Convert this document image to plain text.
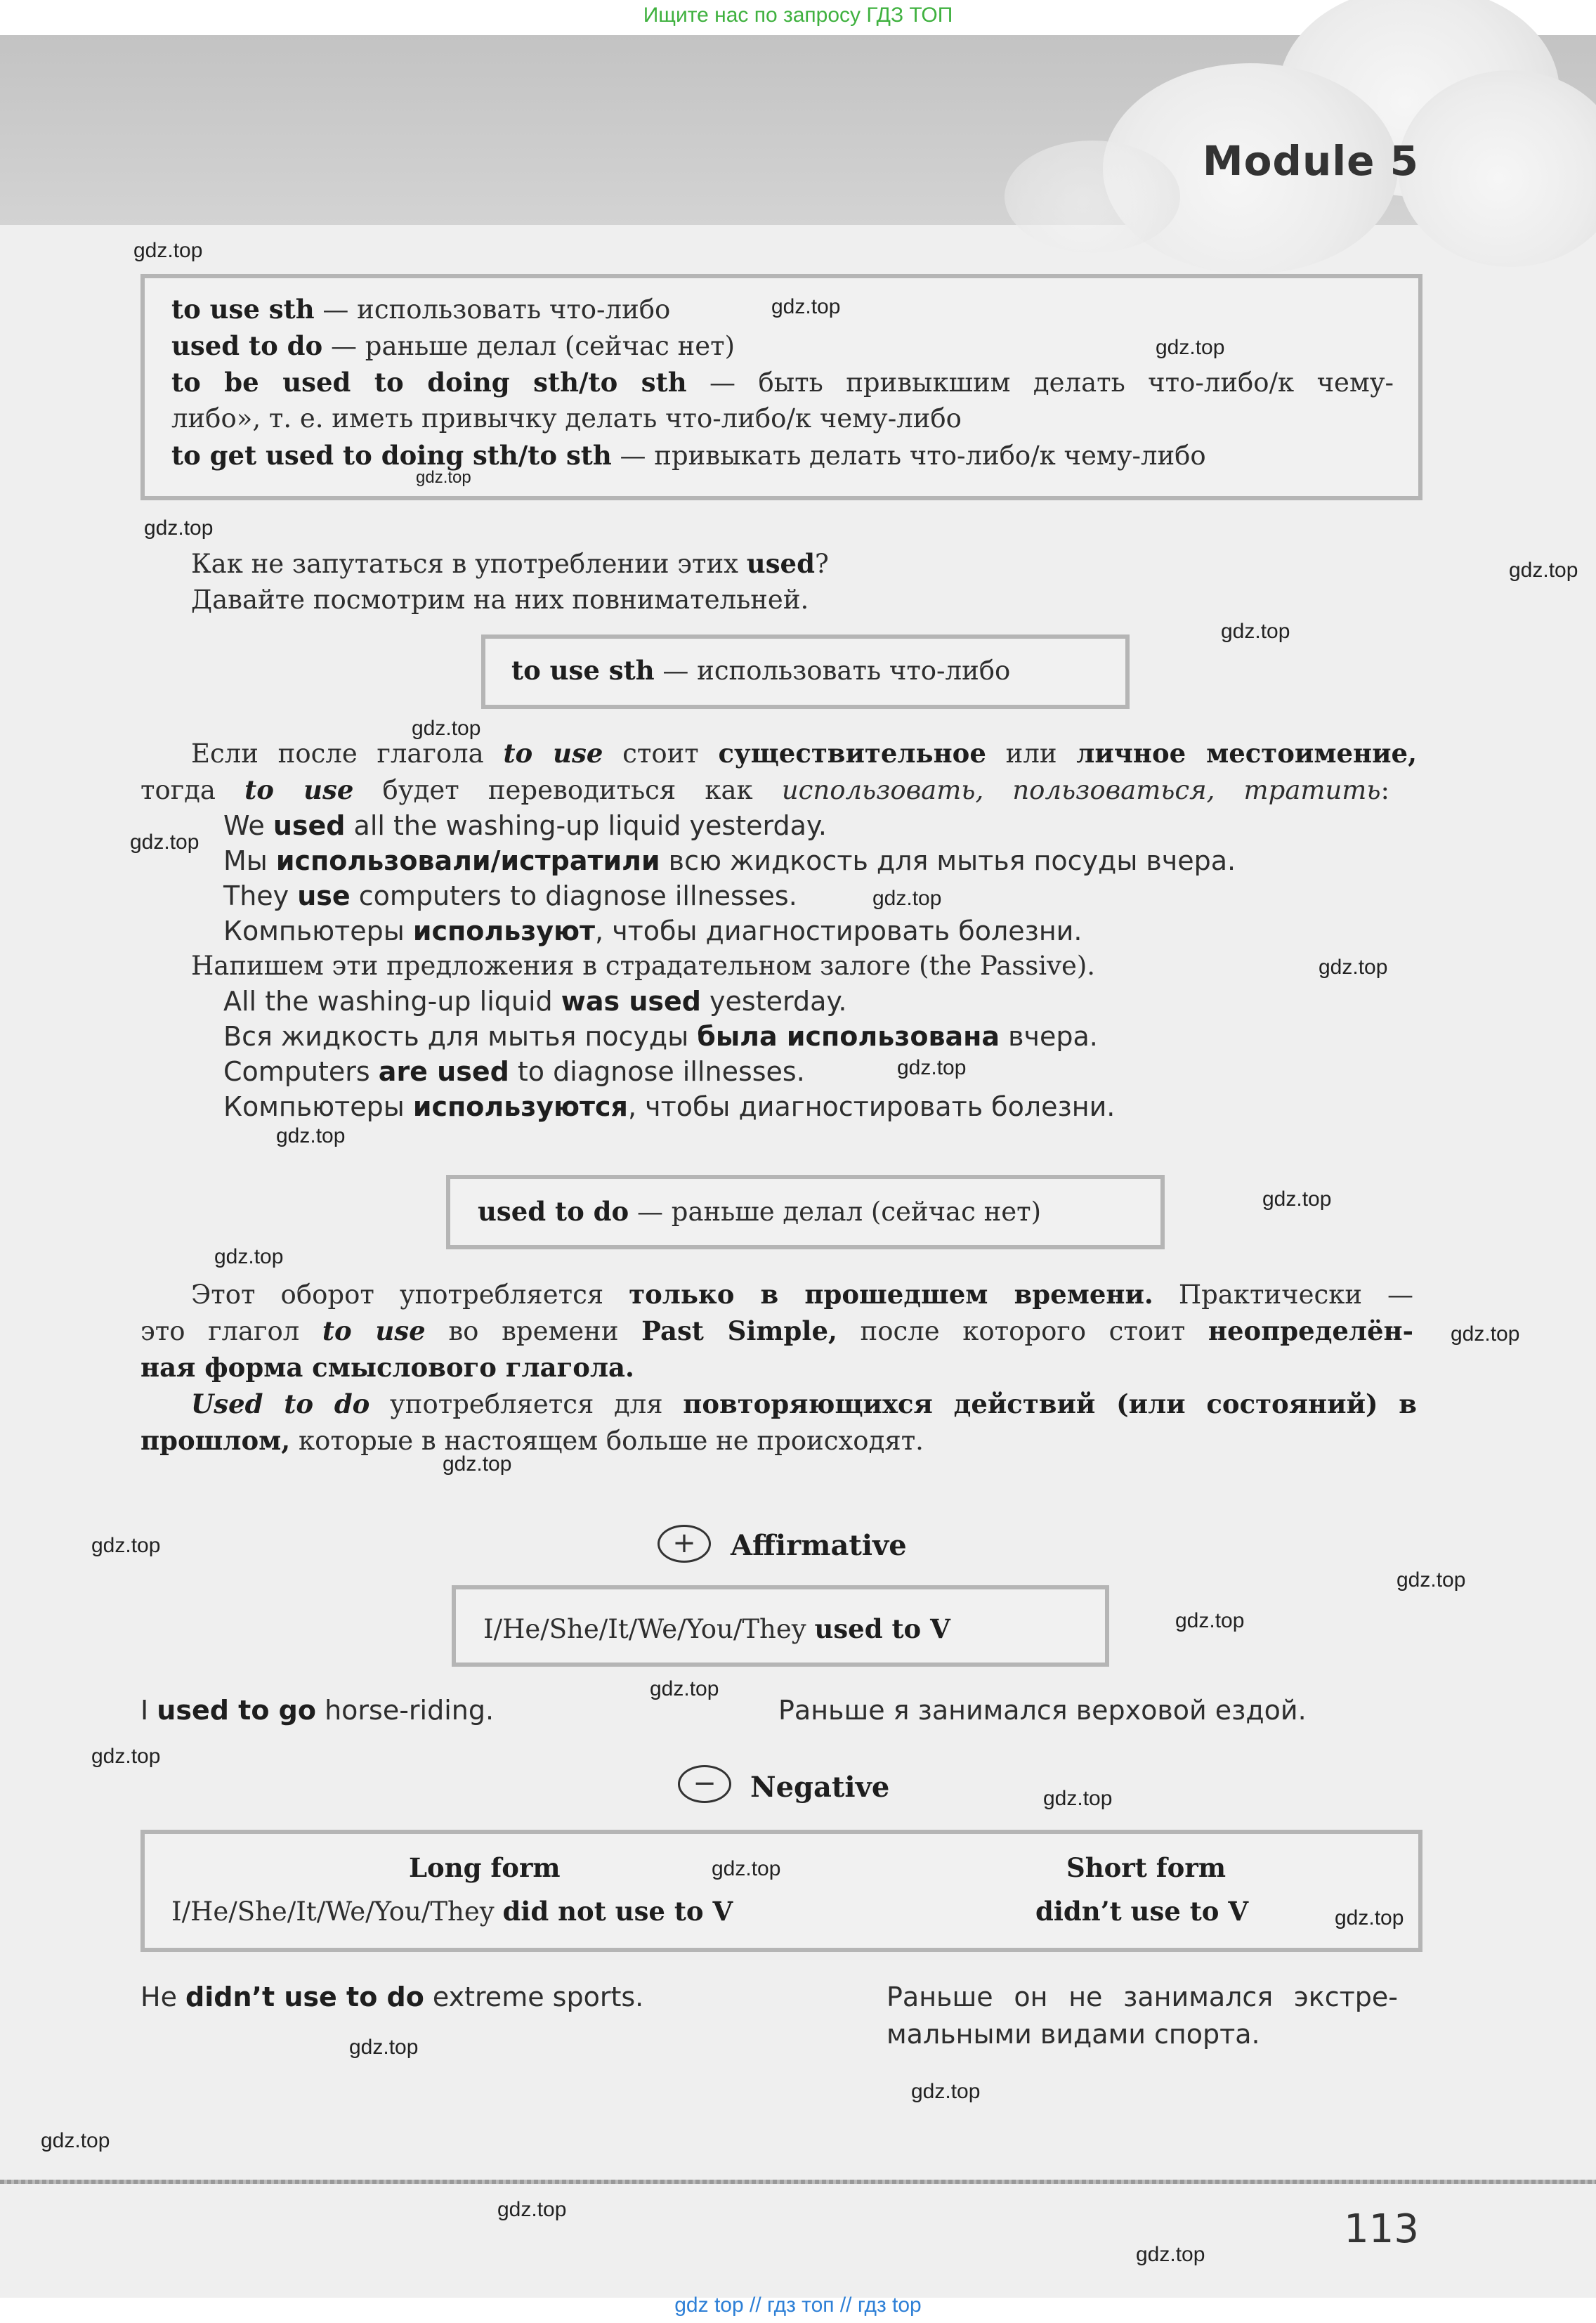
Ищите нас по запросу ГДЗ ТОП
Module 5
to use sth — использовать что-либо
used to do — раньше делал (сейчас нет)
to be used to doing sth/to sth — быть привыкшим делать что-либо/к чему-
либо», т. е. иметь привычку делать что-либо/к чему-либо
to get used to doing sth/to sth — привыкать делать что-либо/к чему-либо
Как не запутаться в употреблении этих used?
Давайте посмотрим на них повнимательней.
to use sth — использовать что-либо
Если после глагола to use стоит существительное или личное местоимение,
тогда to use будет переводиться как использовать, пользоваться, тратить:
We used all the washing-up liquid yesterday.
Мы использовали/истратили всю жидкость для мытья посуды вчера.
They use computers to diagnose illnesses.
Компьютеры используют, чтобы диагностировать болезни.
Напишем эти предложения в страдательном залоге (the Passive).
All the washing-up liquid was used yesterday.
Вся жидкость для мытья посуды была использована вчера.
Computers are used to diagnose illnesses.
Компьютеры используются, чтобы диагностировать болезни.
used to do — раньше делал (сейчас нет)
Этот оборот употребляется только в прошедшем времени. Практически —
это глагол to use во времени Past Simple, после которого стоит неопределён-
ная форма смыслового глагола.
Used to do употребляется для повторяющихся действий (или состояний) в
прошлом, которые в настоящем больше не происходят.
+	Affirmative
I/He/She/It/We/You/They used to V
I used to go horse-riding.	Раньше я занимался верховой ездой.
−	Negative
Long form	Short form
I/He/She/It/We/You/They did not use to V	didn’t use to V
He didn’t use to do extreme sports.	Раньше он не занимался экстре-
мальными видами спорта.
113
gdz.top
gdz.top
gdz.top
gdz.top
gdz.top
gdz.top
gdz.top
gdz.top
gdz.top
gdz.top
gdz.top
gdz.top
gdz.top
gdz.top
gdz.top
gdz.top
gdz.top
gdz.top
gdz.top
gdz.top
gdz.top
gdz.top
gdz.top
gdz.top
gdz.top
gdz.top
gdz.top
gdz.top
gdz.top
gdz.top
gdz top // гдз топ // гдз top
